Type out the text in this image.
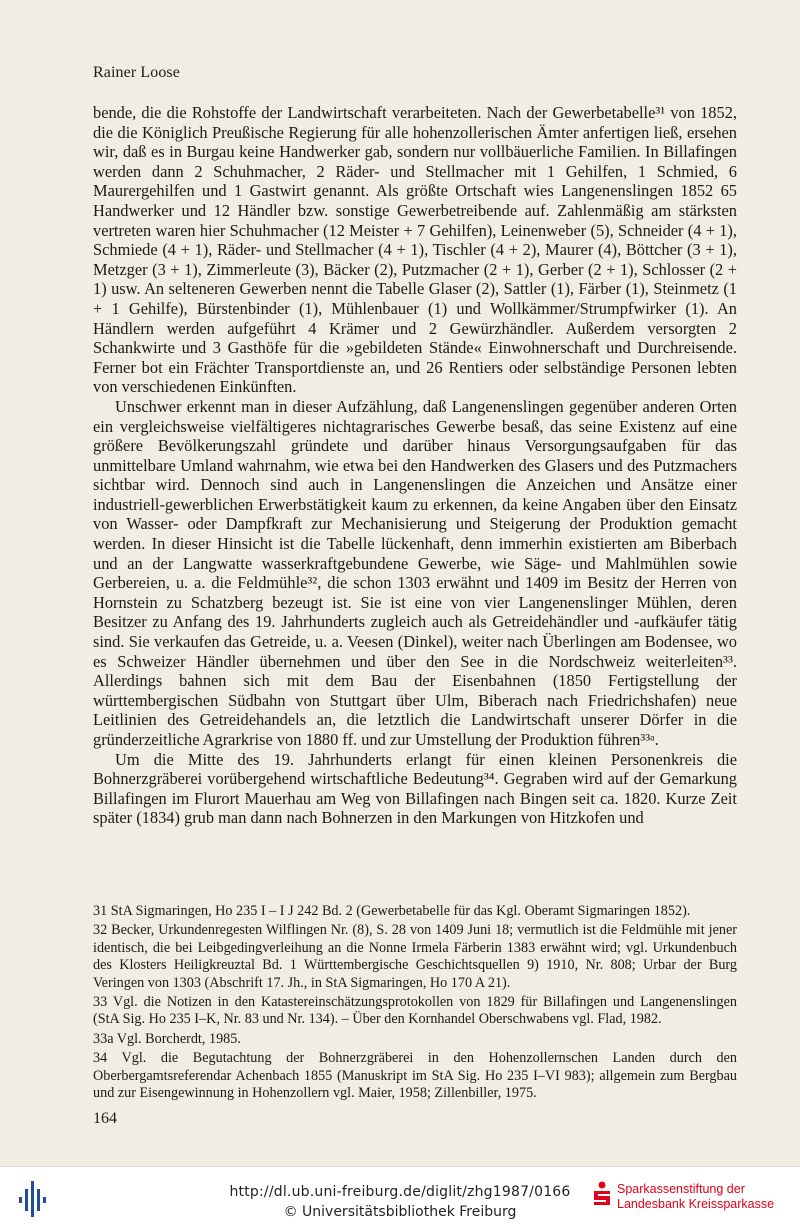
Rainer Loose

bende, die die Rohstoffe der Landwirtschaft verarbeiteten. Nach der Gewerbetabelle³¹ von 1852, die die Königlich Preußische Regierung für alle hohenzollerischen Ämter anfertigen ließ, ersehen wir, daß es in Burgau keine Handwerker gab, sondern nur vollbäuerliche Familien. In Billafingen werden dann 2 Schuhmacher, 2 Räder- und Stellmacher mit 1 Gehilfen, 1 Schmied, 6 Maurergehilfen und 1 Gastwirt genannt. Als größte Ortschaft wies Langenenslingen 1852 65 Handwerker und 12 Händler bzw. sonstige Gewerbetreibende auf. Zahlenmäßig am stärksten vertreten waren hier Schuhmacher (12 Meister + 7 Gehilfen), Leinenweber (5), Schneider (4 + 1), Schmiede (4 + 1), Räder- und Stellmacher (4 + 1), Tischler (4 + 2), Maurer (4), Böttcher (3 + 1), Metzger (3 + 1), Zimmerleute (3), Bäcker (2), Putzmacher (2 + 1), Gerber (2 + 1), Schlosser (2 + 1) usw. An selteneren Gewerben nennt die Tabelle Glaser (2), Sattler (1), Färber (1), Steinmetz (1 + 1 Gehilfe), Bürstenbinder (1), Mühlenbauer (1) und Wollkämmer/Strumpfwirker (1). An Händlern werden aufgeführt 4 Krämer und 2 Gewürzhändler. Außerdem versorgten 2 Schankwirte und 3 Gasthöfe für die »gebildeten Stände« Einwohnerschaft und Durchreisende. Ferner bot ein Frächter Transportdienste an, und 26 Rentiers oder selbständige Personen lebten von verschiedenen Einkünften.

Unschwer erkennt man in dieser Aufzählung, daß Langenenslingen gegenüber anderen Orten ein vergleichsweise vielfältigeres nichtagrarisches Gewerbe besaß, das seine Existenz auf eine größere Bevölkerungszahl gründete und darüber hinaus Versorgungsaufgaben für das unmittelbare Umland wahrnahm, wie etwa bei den Handwerken des Glasers und des Putzmachers sichtbar wird. Dennoch sind auch in Langenenslingen die Anzeichen und Ansätze einer industriell-gewerblichen Erwerbstätigkeit kaum zu erkennen, da keine Angaben über den Einsatz von Wasser- oder Dampfkraft zur Mechanisierung und Steigerung der Produktion gemacht werden. In dieser Hinsicht ist die Tabelle lückenhaft, denn immerhin existierten am Biberbach und an der Langwatte wasserkraftgebundene Gewerbe, wie Säge- und Mahlmühlen sowie Gerbereien, u. a. die Feldmühle³², die schon 1303 erwähnt und 1409 im Besitz der Herren von Hornstein zu Schatzberg bezeugt ist. Sie ist eine von vier Langenenslinger Mühlen, deren Besitzer zu Anfang des 19. Jahrhunderts zugleich auch als Getreidehändler und -aufkäufer tätig sind. Sie verkaufen das Getreide, u. a. Veesen (Dinkel), weiter nach Überlingen am Bodensee, wo es Schweizer Händler übernehmen und über den See in die Nordschweiz weiterleiten³³. Allerdings bahnen sich mit dem Bau der Eisenbahnen (1850 Fertigstellung der württembergischen Südbahn von Stuttgart über Ulm, Biberach nach Friedrichshafen) neue Leitlinien des Getreidehandels an, die letztlich die Landwirtschaft unserer Dörfer in die gründerzeitliche Agrarkrise von 1880 ff. und zur Umstellung der Produktion führen³³ᵃ.

Um die Mitte des 19. Jahrhunderts erlangt für einen kleinen Personenkreis die Bohnerzgräberei vorübergehend wirtschaftliche Bedeutung³⁴. Gegraben wird auf der Gemarkung Billafingen im Flurort Mauerhau am Weg von Billafingen nach Bingen seit ca. 1820. Kurze Zeit später (1834) grub man dann nach Bohnerzen in den Markungen von Hitzkofen und

31 StA Sigmaringen, Ho 235 I – I J 242 Bd. 2 (Gewerbetabelle für das Kgl. Oberamt Sigmaringen 1852).

32 Becker, Urkundenregesten Wilflingen Nr. (8), S. 28 von 1409 Juni 18; vermutlich ist die Feldmühle mit jener identisch, die bei Leibgedingverleihung an die Nonne Irmela Färberin 1383 erwähnt wird; vgl. Urkundenbuch des Klosters Heiligkreuztal Bd. 1 Württembergische Geschichtsquellen 9) 1910, Nr. 808; Urbar der Burg Veringen von 1303 (Abschrift 17. Jh., in StA Sigmaringen, Ho 170 A 21).

33 Vgl. die Notizen in den Katastereinschätzungsprotokollen von 1829 für Billafingen und Langenenslingen (StA Sig. Ho 235 I–K, Nr. 83 und Nr. 134). – Über den Kornhandel Oberschwabens vgl. Flad, 1982.

33a Vgl. Borcherdt, 1985.

34 Vgl. die Begutachtung der Bohnerzgräberei in den Hohenzollernschen Landen durch den Oberbergamtsreferendar Achenbach 1855 (Manuskript im StA Sig. Ho 235 I–VI 983); allgemein zum Bergbau und zur Eisengewinnung in Hohenzollern vgl. Maier, 1958; Zillenbiller, 1975.

164
http://dl.ub.uni-freiburg.de/diglit/zhg1987/0166
© Universitätsbibliothek Freiburg
Sparkassenstiftung der
Landesbank Kreissparkasse
